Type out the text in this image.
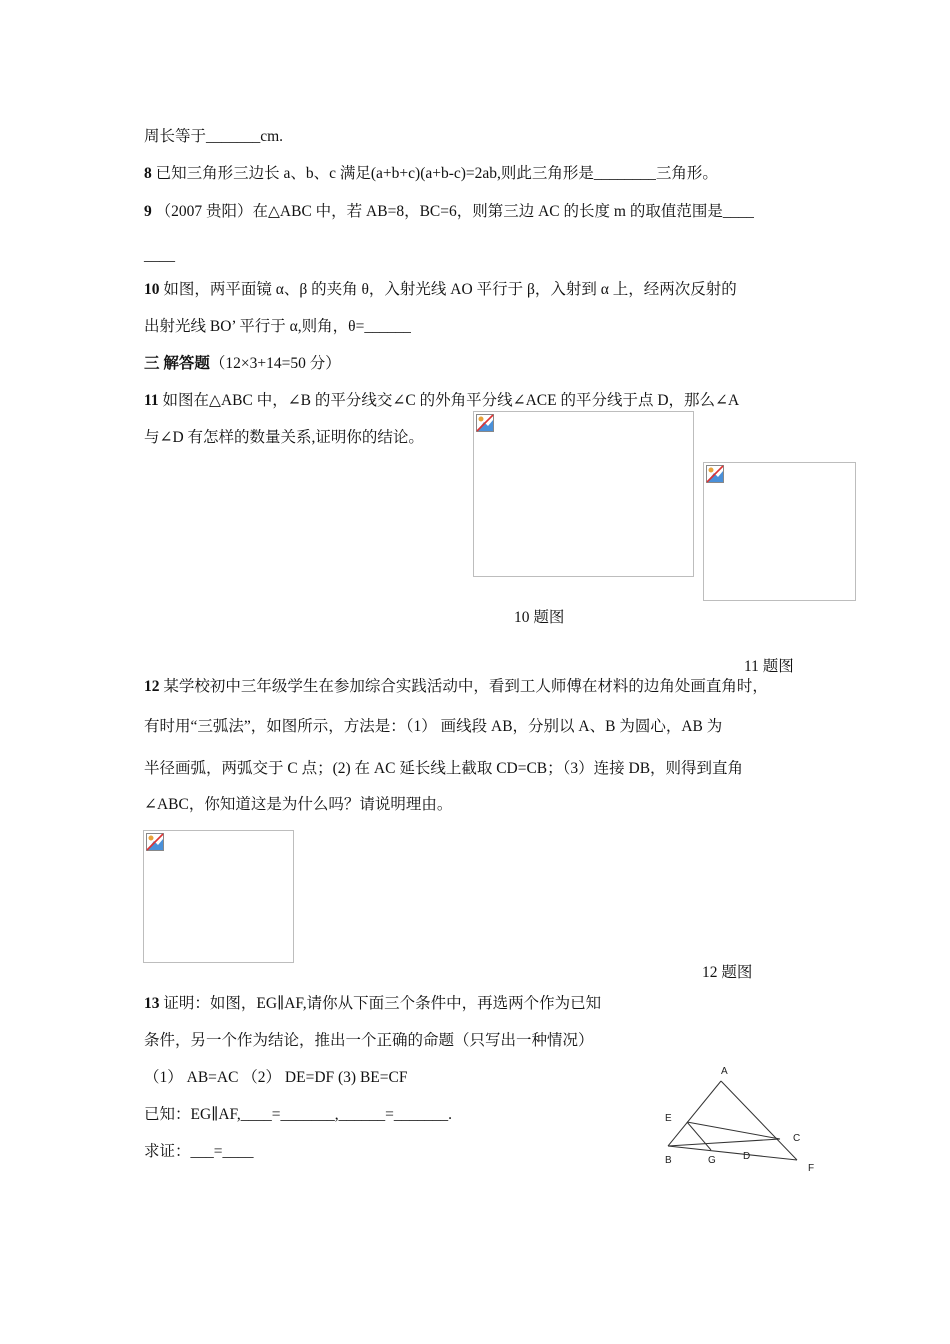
周长等于_______cm.
8 已知三角形三边长 a、b、c 满足(a+b+c)(a+b-c)=2ab,则此三角形是________三角形。
9 （2007 贵阳）在△ABC 中，若 AB=8，BC=6，则第三边 AC 的长度 m 的取值范围是____
____
10 如图，两平面镜 α、β 的夹角 θ，入射光线 AO 平行于 β，入射到 α 上，经两次反射的
出射光线 BO’ 平行于 α,则角，θ=______
三 解答题（12×3+14=50 分）
11 如图在△ABC 中，∠B 的平分线交∠C 的外角平分线∠ACE 的平分线于点 D，那么∠A
与∠D 有怎样的数量关系,证明你的结论。
10 题图
11 题图
12 某学校初中三年级学生在参加综合实践活动中，看到工人师傅在材料的边角处画直角时，
有时用“三弧法”，如图所示，方法是：（1） 画线段 AB，分别以 A、B 为圆心，AB 为
半径画弧，两弧交于 C 点；(2) 在 AC 延长线上截取 CD=CB；（3）连接 DB，则得到直角
∠ABC，你知道这是为什么吗？请说明理由。
12 题图
13 证明：如图，EG∥AF,请你从下面三个条件中，再选两个作为已知
条件，另一个作为结论，推出一个正确的命题（只写出一种情况）
（1） AB=AC （2） DE=DF (3) BE=CF
已知：EG∥AF,____=_______,______=_______.
求证：___=____
A
E
C
B	G	D
F
